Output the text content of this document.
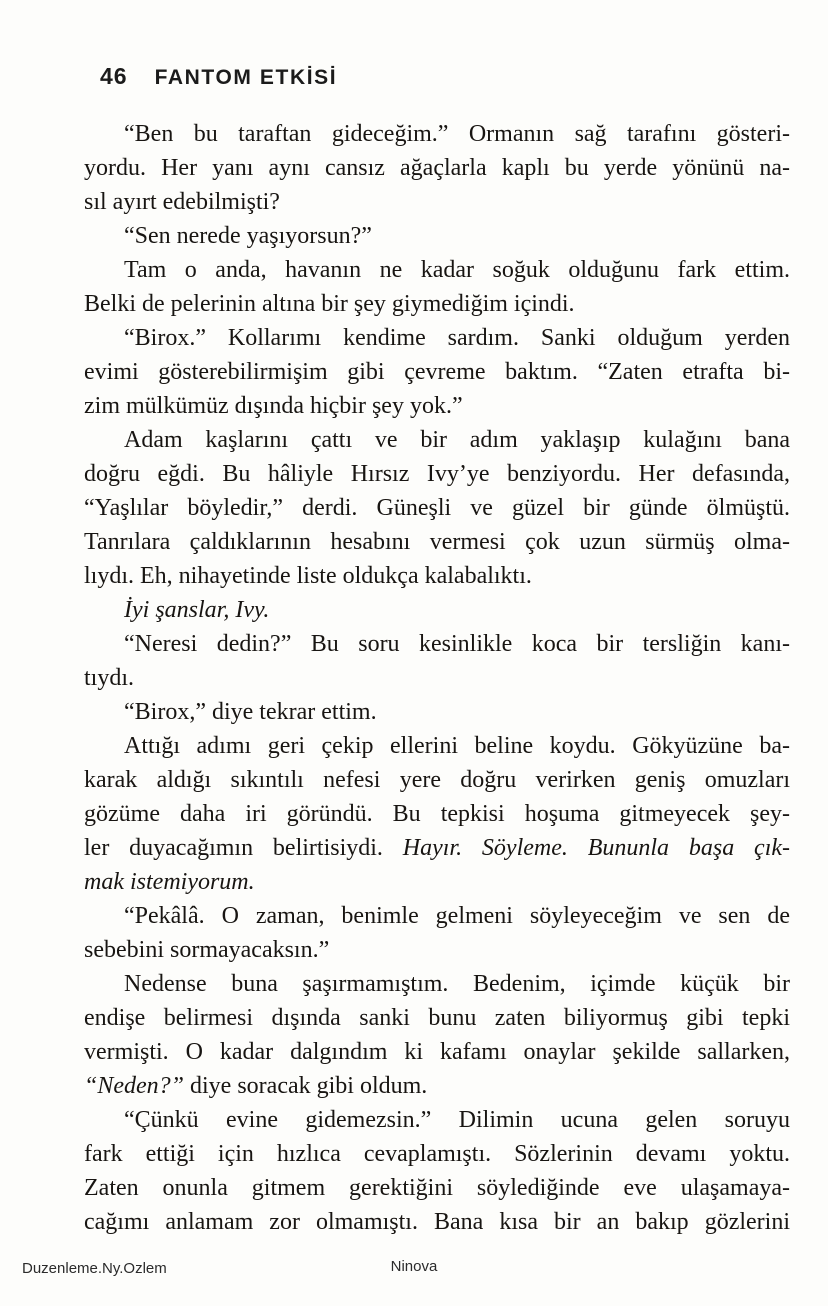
46 FANTOM ETKİSİ
“Ben bu taraftan gideceğim.” Ormanın sağ tarafını gösteri-
yordu. Her yanı aynı cansız ağaçlarla kaplı bu yerde yönünü na-
sıl ayırt edebilmişti?
“Sen nerede yaşıyorsun?”
Tam o anda, havanın ne kadar soğuk olduğunu fark ettim.
Belki de pelerinin altına bir şey giymediğim içindi.
“Birox.” Kollarımı kendime sardım. Sanki olduğum yerden
evimi gösterebilirmişim gibi çevreme baktım. “Zaten etrafta bi-
zim mülkümüz dışında hiçbir şey yok.”
Adam kaşlarını çattı ve bir adım yaklaşıp kulağını bana
doğru eğdi. Bu hâliyle Hırsız Ivy’ye benziyordu. Her defasında,
“Yaşlılar böyledir,” derdi. Güneşli ve güzel bir günde ölmüştü.
Tanrılara çaldıklarının hesabını vermesi çok uzun sürmüş olma-
lıydı. Eh, nihayetinde liste oldukça kalabalıktı.
İyi şanslar, Ivy.
“Neresi dedin?” Bu soru kesinlikle koca bir tersliğin kanı-
tıydı.
“Birox,” diye tekrar ettim.
Attığı adımı geri çekip ellerini beline koydu. Gökyüzüne ba-
karak aldığı sıkıntılı nefesi yere doğru verirken geniş omuzları
gözüme daha iri göründü. Bu tepkisi hoşuma gitmeyecek şey-
ler duyacağımın belirtisiydi. Hayır. Söyleme. Bununla başa çık-
mak istemiyorum.
“Pekâlâ. O zaman, benimle gelmeni söyleyeceğim ve sen de
sebebini sormayacaksın.”
Nedense buna şaşırmamıştım. Bedenim, içimde küçük bir
endişe belirmesi dışında sanki bunu zaten biliyormuş gibi tepki
vermişti. O kadar dalgındım ki kafamı onaylar şekilde sallarken,
“Neden?” diye soracak gibi oldum.
“Çünkü evine gidemezsin.” Dilimin ucuna gelen soruyu
fark ettiği için hızlıca cevaplamıştı. Sözlerinin devamı yoktu.
Zaten onunla gitmem gerektiğini söylediğinde eve ulaşamaya-
cağımı anlamam zor olmamıştı. Bana kısa bir an bakıp gözlerini
Duzenleme.Ny.Ozlem	Ninova
